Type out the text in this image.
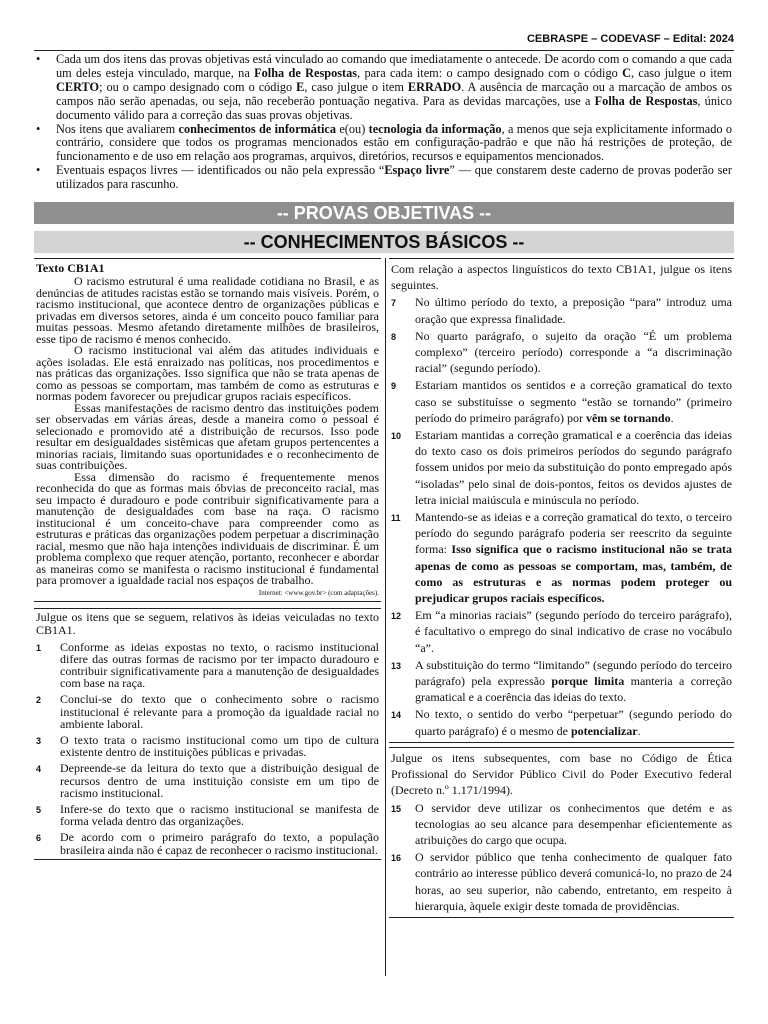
CEBRASPE – CODEVASF – Edital: 2024
• Cada um dos itens das provas objetivas está vinculado ao comando que imediatamente o antecede. De acordo com o comando a que cada um deles esteja vinculado, marque, na Folha de Respostas, para cada item: o campo designado com o código C, caso julgue o item CERTO; ou o campo designado com o código E, caso julgue o item ERRADO. A ausência de marcação ou a marcação de ambos os campos não serão apenadas, ou seja, não receberão pontuação negativa. Para as devidas marcações, use a Folha de Respostas, único documento válido para a correção das suas provas objetivas.
• Nos itens que avaliarem conhecimentos de informática e(ou) tecnologia da informação, a menos que seja explicitamente informado o contrário, considere que todos os programas mencionados estão em configuração-padrão e que não há restrições de proteção, de funcionamento e de uso em relação aos programas, arquivos, diretórios, recursos e equipamentos mencionados.
• Eventuais espaços livres — identificados ou não pela expressão “Espaço livre” — que constarem deste caderno de provas poderão ser utilizados para rascunho.
-- PROVAS OBJETIVAS --
-- CONHECIMENTOS BÁSICOS --
Texto CB1A1

O racismo estrutural é uma realidade cotidiana no Brasil, e as denúncias de atitudes racistas estão se tornando mais visíveis. Porém, o racismo institucional, que acontece dentro de organizações públicas e privadas em diversos setores, ainda é um conceito pouco familiar para muitas pessoas. Mesmo afetando diretamente milhões de brasileiros, esse tipo de racismo é menos conhecido.

O racismo institucional vai além das atitudes individuais e ações isoladas. Ele está enraizado nas políticas, nos procedimentos e nas práticas das organizações. Isso significa que não se trata apenas de como as pessoas se comportam, mas também de como as estruturas e normas podem favorecer ou prejudicar grupos raciais específicos.

Essas manifestações de racismo dentro das instituições podem ser observadas em várias áreas, desde a maneira como o pessoal é selecionado e promovido até a distribuição de recursos. Isso pode resultar em desigualdades sistêmicas que afetam grupos pertencentes a minorias raciais, limitando suas oportunidades e o reconhecimento de suas contribuições.

Essa dimensão do racismo é frequentemente menos reconhecida do que as formas mais óbvias de preconceito racial, mas seu impacto é duradouro e pode contribuir significativamente para a manutenção de desigualdades com base na raça. O racismo institucional é um conceito-chave para compreender como as estruturas e práticas das organizações podem perpetuar a discriminação racial, mesmo que não haja intenções individuais de discriminar. É um problema complexo que requer atenção, portanto, reconhecer e abordar as maneiras como se manifesta o racismo institucional é fundamental para promover a igualdade racial nos espaços de trabalho.

Internet: <www.gov.br> (com adaptações).
Julgue os itens que se seguem, relativos às ideias veiculadas no texto CB1A1.
1 Conforme as ideias expostas no texto, o racismo institucional difere das outras formas de racismo por ter impacto duradouro e contribuir significativamente para a manutenção de desigualdades com base na raça.
2 Conclui-se do texto que o conhecimento sobre o racismo institucional é relevante para a promoção da igualdade racial no ambiente laboral.
3 O texto trata o racismo institucional como um tipo de cultura existente dentro de instituições públicas e privadas.
4 Depreende-se da leitura do texto que a distribuição desigual de recursos dentro de uma instituição consiste em um tipo de racismo institucional.
5 Infere-se do texto que o racismo institucional se manifesta de forma velada dentro das organizações.
6 De acordo com o primeiro parágrafo do texto, a população brasileira ainda não é capaz de reconhecer o racismo institucional.
Com relação a aspectos linguísticos do texto CB1A1, julgue os itens seguintes.
7 No último período do texto, a preposição “para” introduz uma oração que expressa finalidade.
8 No quarto parágrafo, o sujeito da oração “É um problema complexo” (terceiro período) corresponde a “a discriminação racial” (segundo período).
9 Estariam mantidos os sentidos e a correção gramatical do texto caso se substituísse o segmento “estão se tornando” (primeiro período do primeiro parágrafo) por vêm se tornando.
10 Estariam mantidas a correção gramatical e a coerência das ideias do texto caso os dois primeiros períodos do segundo parágrafo fossem unidos por meio da substituição do ponto empregado após “isoladas” pelo sinal de dois-pontos, feitos os devidos ajustes de letra inicial maiúscula e minúscula no período.
11 Mantendo-se as ideias e a correção gramatical do texto, o terceiro período do segundo parágrafo poderia ser reescrito da seguinte forma: Isso significa que o racismo institucional não se trata apenas de como as pessoas se comportam, mas, também, de como as estruturas e as normas podem proteger ou prejudicar grupos raciais específicos.
12 Em “a minorias raciais” (segundo período do terceiro parágrafo), é facultativo o emprego do sinal indicativo de crase no vocábulo “a”.
13 A substituição do termo “limitando” (segundo período do terceiro parágrafo) pela expressão porque limita manteria a correção gramatical e a coerência das ideias do texto.
14 No texto, o sentido do verbo “perpetuar” (segundo período do quarto parágrafo) é o mesmo de potencializar.
Julgue os itens subsequentes, com base no Código de Ética Profissional do Servidor Público Civil do Poder Executivo federal (Decreto n.º 1.171/1994).
15 O servidor deve utilizar os conhecimentos que detém e as tecnologias ao seu alcance para desempenhar eficientemente as atribuições do cargo que ocupa.
16 O servidor público que tenha conhecimento de qualquer fato contrário ao interesse público deverá comunicá-lo, no prazo de 24 horas, ao seu superior, não cabendo, entretanto, em respeito à hierarquia, àquele exigir deste tomada de providências.
